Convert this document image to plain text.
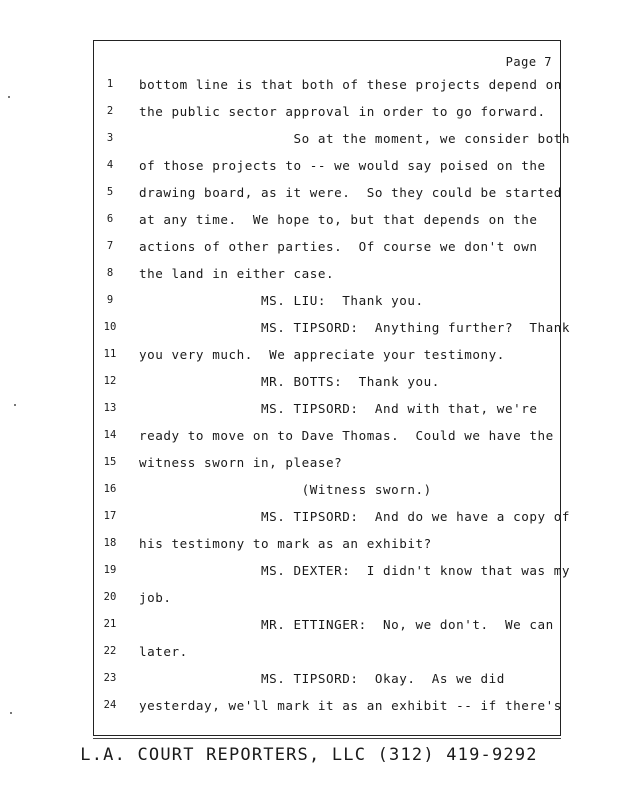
Page 7
1	bottom line is that both of these projects depend on
2	the public sector approval in order to go forward.
3	So at the moment, we consider both
4	of those projects to -- we would say poised on the
5	drawing board, as it were.  So they could be started
6	at any time.  We hope to, but that depends on the
7	actions of other parties.  Of course we don't own
8	the land in either case.
9	MS. LIU:  Thank you.
10 MS. TIPSORD:  Anything further?  Thank
11 you very much.  We appreciate your testimony.
12 MR. BOTTS:  Thank you.
13 MS. TIPSORD:  And with that, we're
14 ready to move on to Dave Thomas.  Could we have the
15 witness sworn in, please?
16 (Witness sworn.)
17 MS. TIPSORD:  And do we have a copy of
18 his testimony to mark as an exhibit?
19 MS. DEXTER:  I didn't know that was my
20 job.
21 MR. ETTINGER:  No, we don't.  We can
22 later.
23 MS. TIPSORD:  Okay.  As we did
24 yesterday, we'll mark it as an exhibit -- if there's
L.A. COURT REPORTERS, LLC (312) 419-9292
